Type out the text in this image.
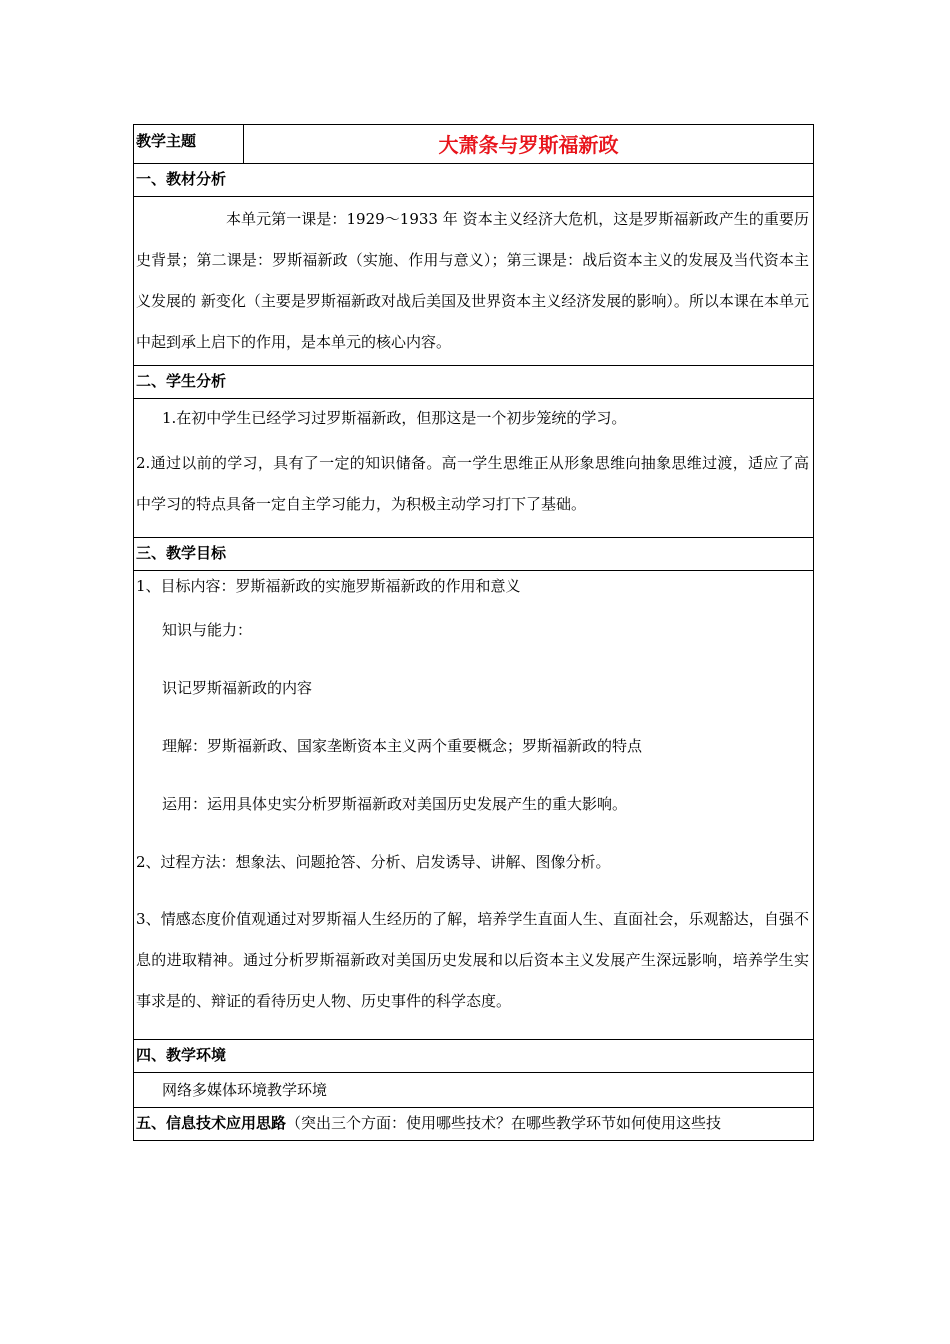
教学主题	大萧条与罗斯福新政
一、教材分析

本单元第一课是：1929～1933 年 资本主义经济大危机，这是罗斯福新政产生的重要历史背景；第二课是：罗斯福新政（实施、作用与意义）；第三课是：战后资本主义的发展及当代资本主义发展的 新变化（主要是罗斯福新政对战后美国及世界资本主义经济发展的影响）。所以本课在本单元中起到承上启下的作用，是本单元的核心内容。

二、学生分析

1.在初中学生已经学习过罗斯福新政，但那这是一个初步笼统的学习。

2.通过以前的学习，具有了一定的知识储备。高一学生思维正从形象思维向抽象思维过渡，适应了高中学习的特点具备一定自主学习能力，为积极主动学习打下了基础。

三、教学目标

1、目标内容：罗斯福新政的实施罗斯福新政的作用和意义

知识与能力：

识记罗斯福新政的内容

理解：罗斯福新政、国家垄断资本主义两个重要概念；罗斯福新政的特点

运用：运用具体史实分析罗斯福新政对美国历史发展产生的重大影响。

2、过程方法：想象法、问题抢答、分析、启发诱导、讲解、图像分析。

3、情感态度价值观通过对罗斯福人生经历的了解，培养学生直面人生、直面社会，乐观豁达，自强不息的进取精神。通过分析罗斯福新政对美国历史发展和以后资本主义发展产生深远影响，培养学生实事求是的、辩证的看待历史人物、历史事件的科学态度。

四、教学环境

网络多媒体环境教学环境

五、信息技术应用思路（突出三个方面：使用哪些技术？在哪些教学环节如何使用这些技
